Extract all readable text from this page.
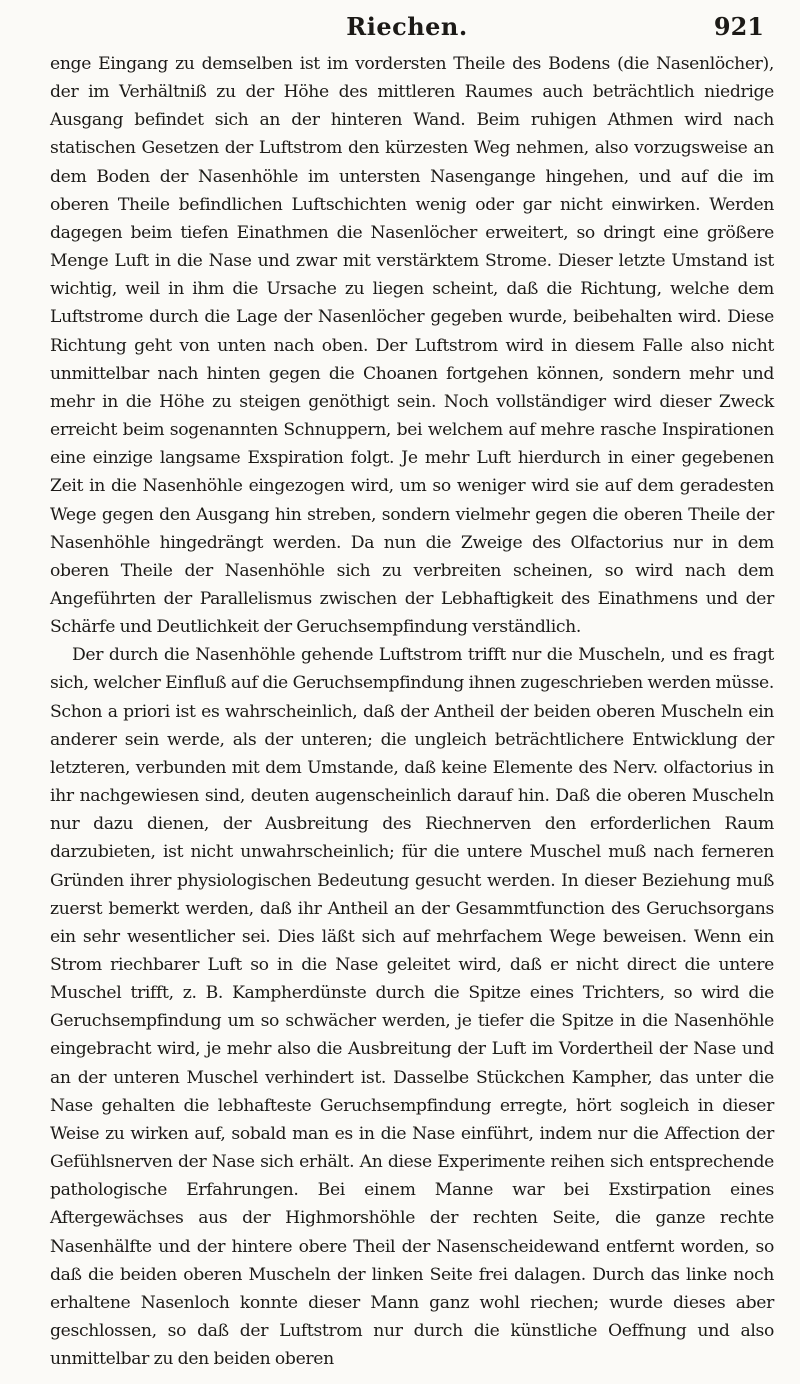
Riechen.	921

enge Eingang zu demselben ist im vordersten Theile des Bodens (die Nasenlöcher), der im Verhältniß zu der Höhe des mittleren Raumes auch beträchtlich niedrige Ausgang befindet sich an der hinteren Wand. Beim ruhigen Athmen wird nach statischen Gesetzen der Luftstrom den kürzesten Weg nehmen, also vorzugsweise an dem Boden der Nasenhöhle im untersten Nasengange hingehen, und auf die im oberen Theile befindlichen Luftschichten wenig oder gar nicht einwirken. Werden dagegen beim tiefen Einathmen die Nasenlöcher erweitert, so dringt eine größere Menge Luft in die Nase und zwar mit verstärktem Strome. Dieser letzte Umstand ist wichtig, weil in ihm die Ursache zu liegen scheint, daß die Richtung, welche dem Luftstrome durch die Lage der Nasenlöcher gegeben wurde, beibehalten wird. Diese Richtung geht von unten nach oben. Der Luftstrom wird in diesem Falle also nicht unmittelbar nach hinten gegen die Choanen fortgehen können, sondern mehr und mehr in die Höhe zu steigen genöthigt sein. Noch vollständiger wird dieser Zweck erreicht beim sogenannten Schnuppern, bei welchem auf mehre rasche Inspirationen eine einzige langsame Exspiration folgt. Je mehr Luft hierdurch in einer gegebenen Zeit in die Nasenhöhle eingezogen wird, um so weniger wird sie auf dem geradesten Wege gegen den Ausgang hin streben, sondern vielmehr gegen die oberen Theile der Nasenhöhle hingedrängt werden. Da nun die Zweige des Olfactorius nur in dem oberen Theile der Nasenhöhle sich zu verbreiten scheinen, so wird nach dem Angeführten der Parallelismus zwischen der Lebhaftigkeit des Einathmens und der Schärfe und Deutlichkeit der Geruchsempfindung verständlich.

Der durch die Nasenhöhle gehende Luftstrom trifft nur die Muscheln, und es fragt sich, welcher Einfluß auf die Geruchsempfindung ihnen zugeschrieben werden müsse. Schon a priori ist es wahrscheinlich, daß der Antheil der beiden oberen Muscheln ein anderer sein werde, als der unteren; die ungleich beträchtlichere Entwicklung der letzteren, verbunden mit dem Umstande, daß keine Elemente des Nerv. olfactorius in ihr nachgewiesen sind, deuten augenscheinlich darauf hin. Daß die oberen Muscheln nur dazu dienen, der Ausbreitung des Riechnerven den erforderlichen Raum darzubieten, ist nicht unwahrscheinlich; für die untere Muschel muß nach ferneren Gründen ihrer physiologischen Bedeutung gesucht werden. In dieser Beziehung muß zuerst bemerkt werden, daß ihr Antheil an der Gesammtfunction des Geruchsorgans ein sehr wesentlicher sei. Dies läßt sich auf mehrfachem Wege beweisen. Wenn ein Strom riechbarer Luft so in die Nase geleitet wird, daß er nicht direct die untere Muschel trifft, z. B. Kampherdünste durch die Spitze eines Trichters, so wird die Geruchsempfindung um so schwächer werden, je tiefer die Spitze in die Nasenhöhle eingebracht wird, je mehr also die Ausbreitung der Luft im Vordertheil der Nase und an der unteren Muschel verhindert ist. Dasselbe Stückchen Kampher, das unter die Nase gehalten die lebhafteste Geruchsempfindung erregte, hört sogleich in dieser Weise zu wirken auf, sobald man es in die Nase einführt, indem nur die Affection der Gefühlsnerven der Nase sich erhält. An diese Experimente reihen sich entsprechende pathologische Erfahrungen. Bei einem Manne war bei Exstirpation eines Aftergewächses aus der Highmorshöhle der rechten Seite, die ganze rechte Nasenhälfte und der hintere obere Theil der Nasenscheidewand entfernt worden, so daß die beiden oberen Muscheln der linken Seite frei dalagen. Durch das linke noch erhaltene Nasenloch konnte dieser Mann ganz wohl riechen; wurde dieses aber geschlossen, so daß der Luftstrom nur durch die künstliche Oeffnung und also unmittelbar zu den beiden oberen
